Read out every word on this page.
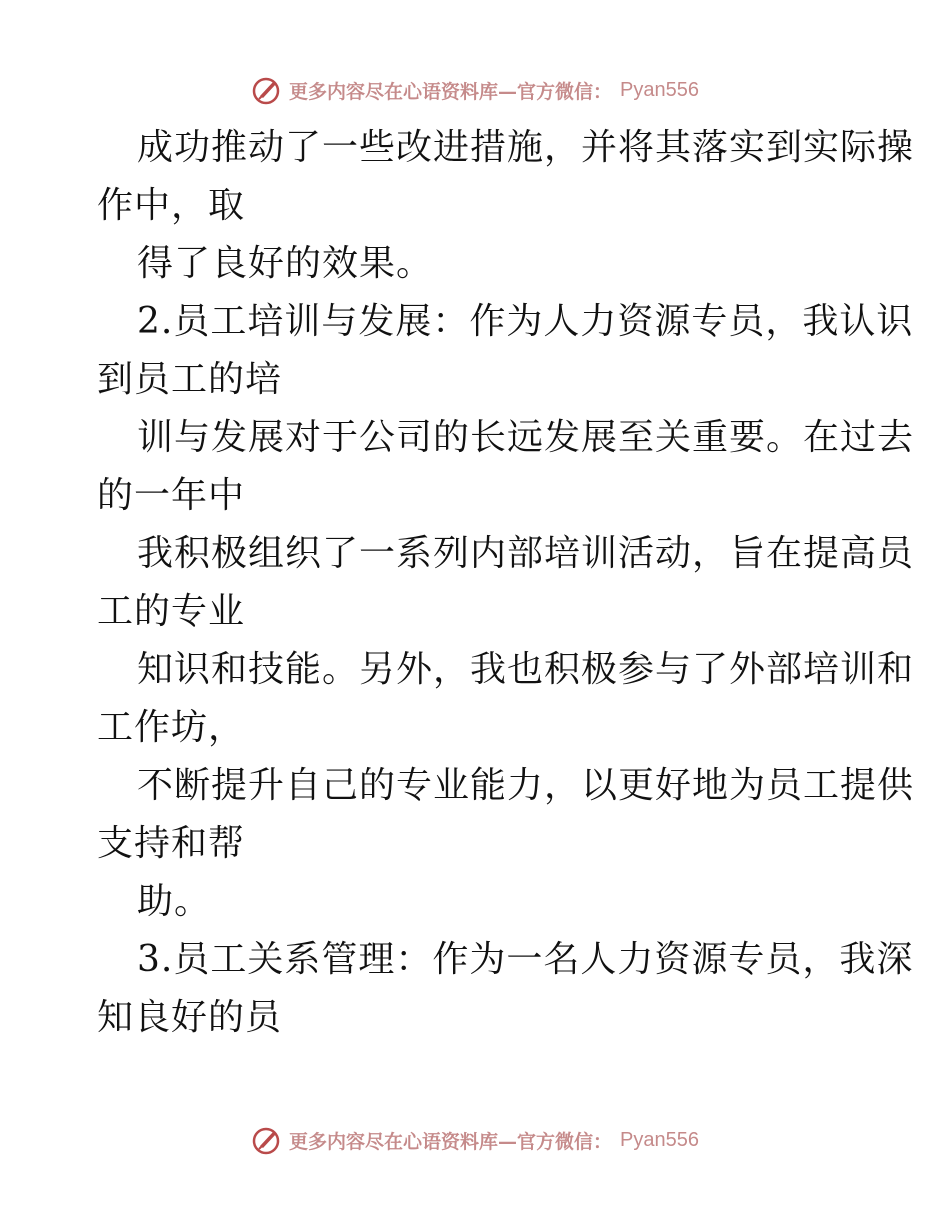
更多内容尽在心语资料库—官方微信： Pyan556
成功推动了一些改进措施，并将其落实到实际操
作中，取
得了良好的效果。
2.员工培训与发展：作为人力资源专员，我认识
到员工的培
训与发展对于公司的长远发展至关重要。在过去
的一年中
我积极组织了一系列内部培训活动，旨在提高员
工的专业
知识和技能。另外，我也积极参与了外部培训和
工作坊，
不断提升自己的专业能力，以更好地为员工提供
支持和帮
助。
3.员工关系管理：作为一名人力资源专员，我深
知良好的员
更多内容尽在心语资料库—官方微信： Pyan556
